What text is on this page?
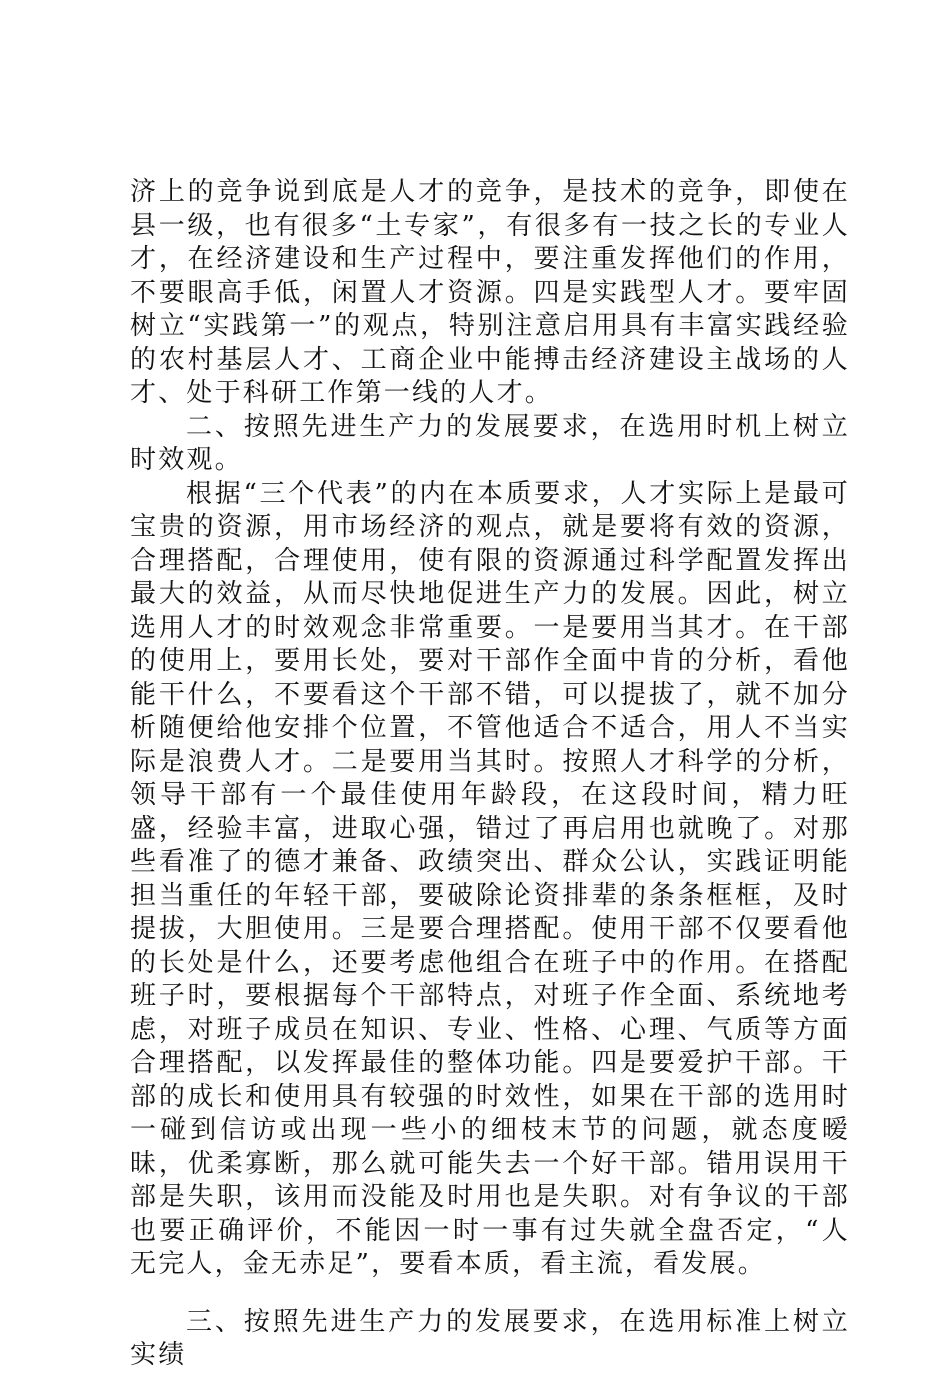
济上的竞争说到底是人才的竞争，是技术的竞争，即使在县一级，也有很多“土专家”，有很多有一技之长的专业人才，在经济建设和生产过程中，要注重发挥他们的作用，不要眼高手低，闲置人才资源。四是实践型人才。要牢固树立“实践第一”的观点，特别注意启用具有丰富实践经验的农村基层人才、工商企业中能搏击经济建设主战场的人才、处于科研工作第一线的人才。

二、按照先进生产力的发展要求，在选用时机上树立时效观。

根据“三个代表”的内在本质要求，人才实际上是最可宝贵的资源，用市场经济的观点，就是要将有效的资源，合理搭配，合理使用，使有限的资源通过科学配置发挥出最大的效益，从而尽快地促进生产力的发展。因此，树立选用人才的时效观念非常重要。一是要用当其才。在干部的使用上，要用长处，要对干部作全面中肯的分析，看他能干什么，不要看这个干部不错，可以提拔了，就不加分析随便给他安排个位置，不管他适合不适合，用人不当实际是浪费人才。二是要用当其时。按照人才科学的分析，领导干部有一个最佳使用年龄段，在这段时间，精力旺盛，经验丰富，进取心强，错过了再启用也就晚了。对那些看准了的德才兼备、政绩突出、群众公认，实践证明能担当重任的年轻干部，要破除论资排辈的条条框框，及时提拔，大胆使用。三是要合理搭配。使用干部不仅要看他的长处是什么，还要考虑他组合在班子中的作用。在搭配班子时，要根据每个干部特点，对班子作全面、系统地考虑，对班子成员在知识、专业、性格、心理、气质等方面合理搭配，以发挥最佳的整体功能。四是要爱护干部。干部的成长和使用具有较强的时效性，如果在干部的选用时一碰到信访或出现一些小的细枝末节的问题，就态度暧昧，优柔寡断，那么就可能失去一个好干部。错用误用干部是失职，该用而没能及时用也是失职。对有争议的干部也要正确评价，不能因一时一事有过失就全盘否定，“人无完人，金无赤足”，要看本质，看主流，看发展。

三、按照先进生产力的发展要求，在选用标准上树立实绩
